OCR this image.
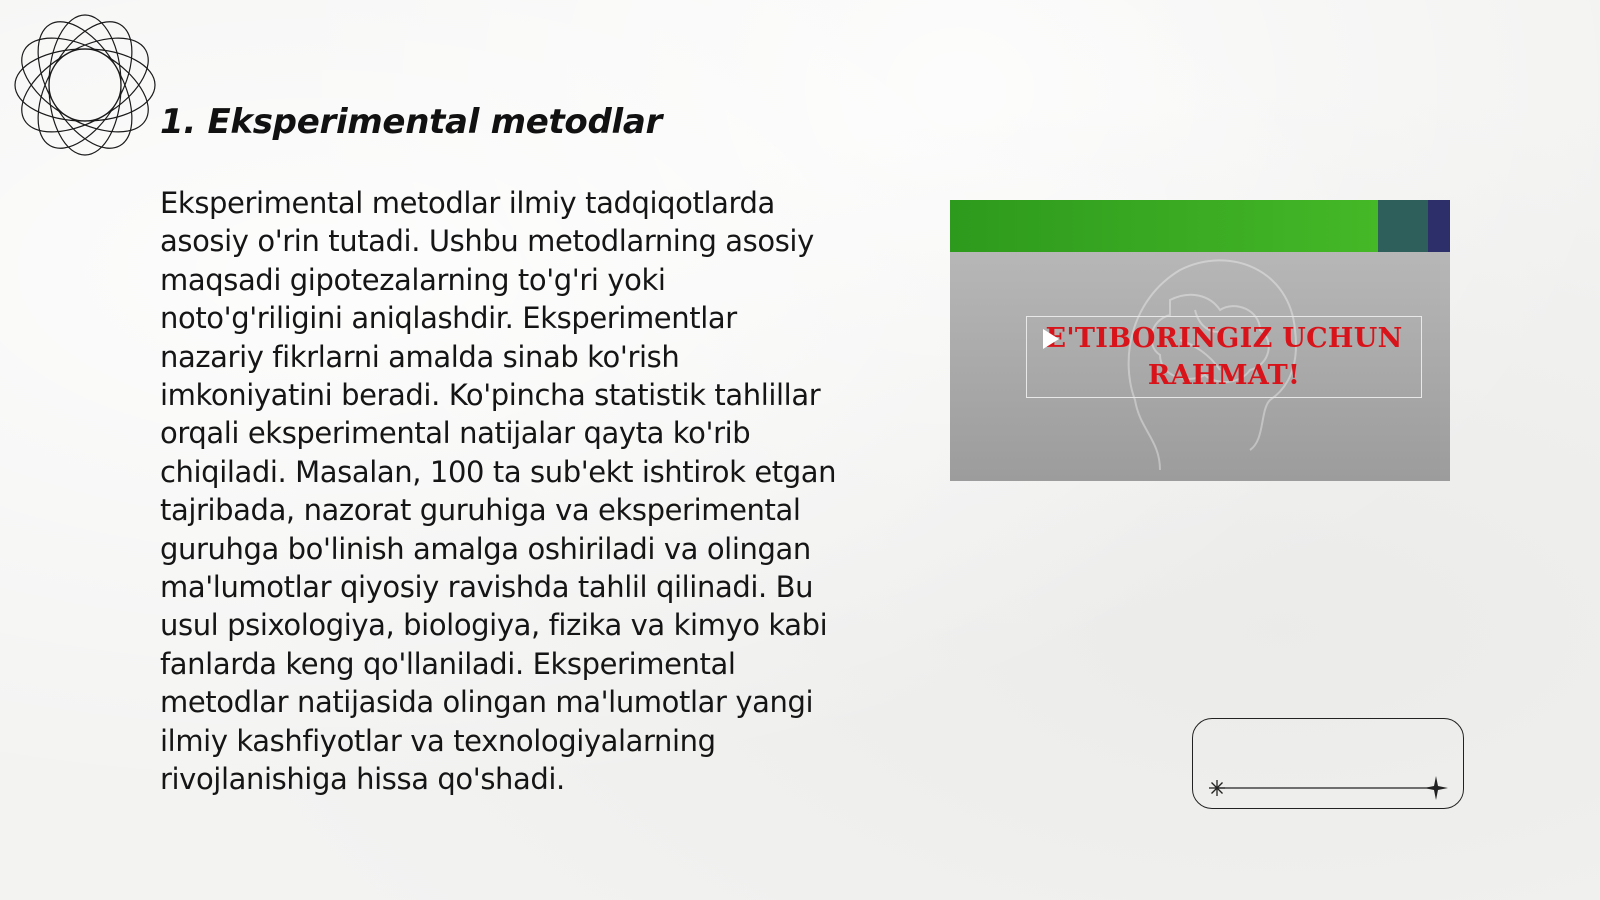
1. Eksperimental metodlar

Eksperimental metodlar ilmiy tadqiqotlarda asosiy o'rin tutadi. Ushbu metodlarning asosiy maqsadi gipotezalarning to'g'ri yoki noto'g'riligini aniqlashdir. Eksperimentlar nazariy fikrlarni amalda sinab ko'rish imkoniyatini beradi. Ko'pincha statistik tahlillar orqali eksperimental natijalar qayta ko'rib chiqiladi. Masalan, 100 ta sub'ekt ishtirok etgan tajribada, nazorat guruhiga va eksperimental guruhga bo'linish amalga oshiriladi va olingan ma'lumotlar qiyosiy ravishda tahlil qilinadi. Bu usul psixologiya, biologiya, fizika va kimyo kabi fanlarda keng qo'llaniladi. Eksperimental metodlar natijasida olingan ma'lumotlar yangi ilmiy kashfiyotlar va texnologiyalarning rivojlanishiga hissa qo'shadi.

E'TIBORINGIZ UCHUN
RAHMAT!
